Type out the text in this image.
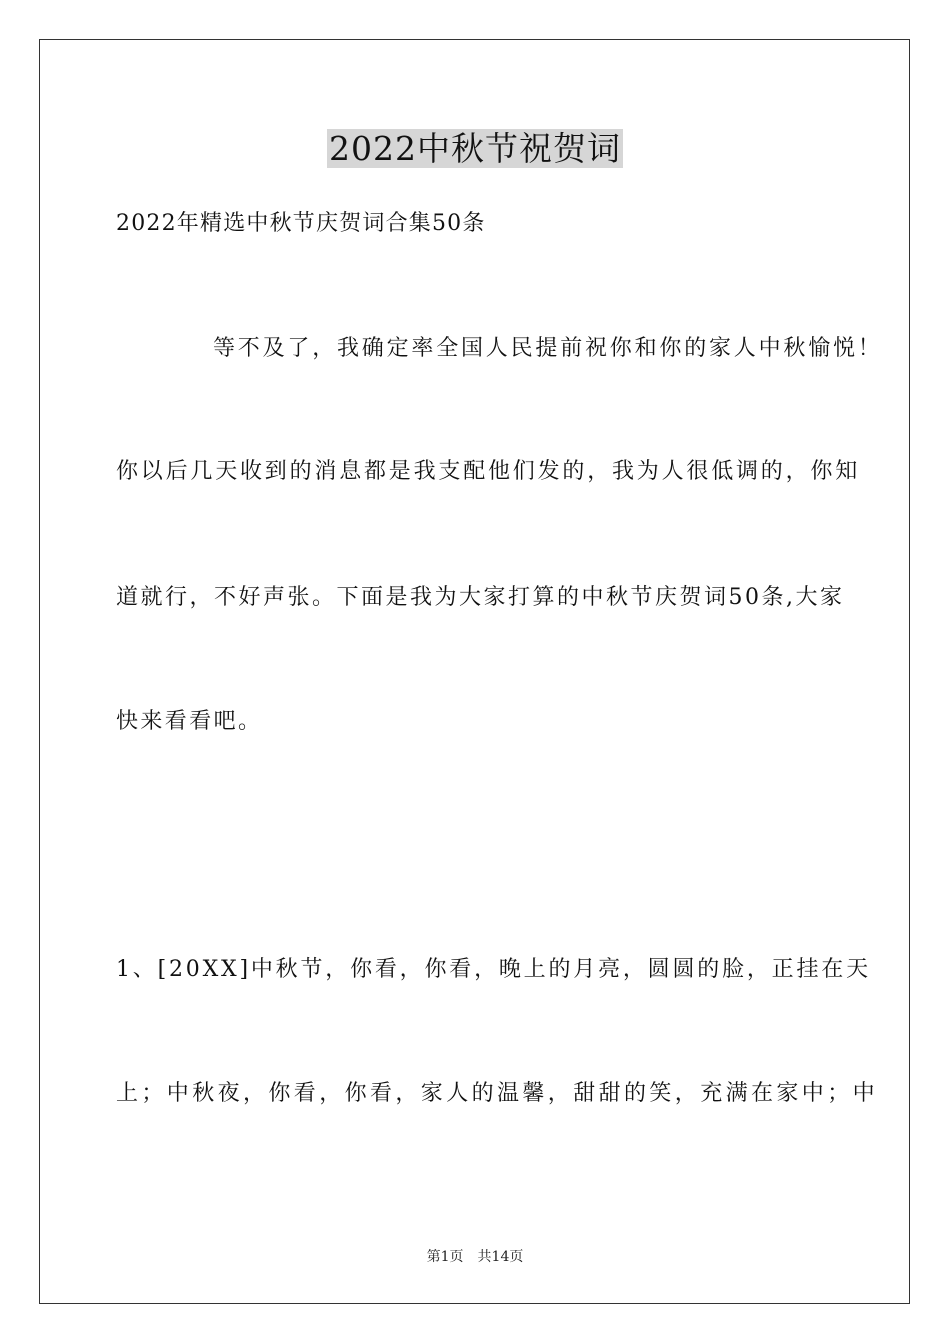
2022中秋节祝贺词
2022年精选中秋节庆贺词合集50条
等不及了，我确定率全国人民提前祝你和你的家人中秋愉悦！
你以后几天收到的消息都是我支配他们发的，我为人很低调的，你知
道就行，不好声张。下面是我为大家打算的中秋节庆贺词50条,大家
快来看看吧。
1、[20XX]中秋节，你看，你看，晚上的月亮，圆圆的脸，正挂在天
上；中秋夜，你看，你看，家人的温馨，甜甜的笑，充满在家中；中
第1页 共14页
